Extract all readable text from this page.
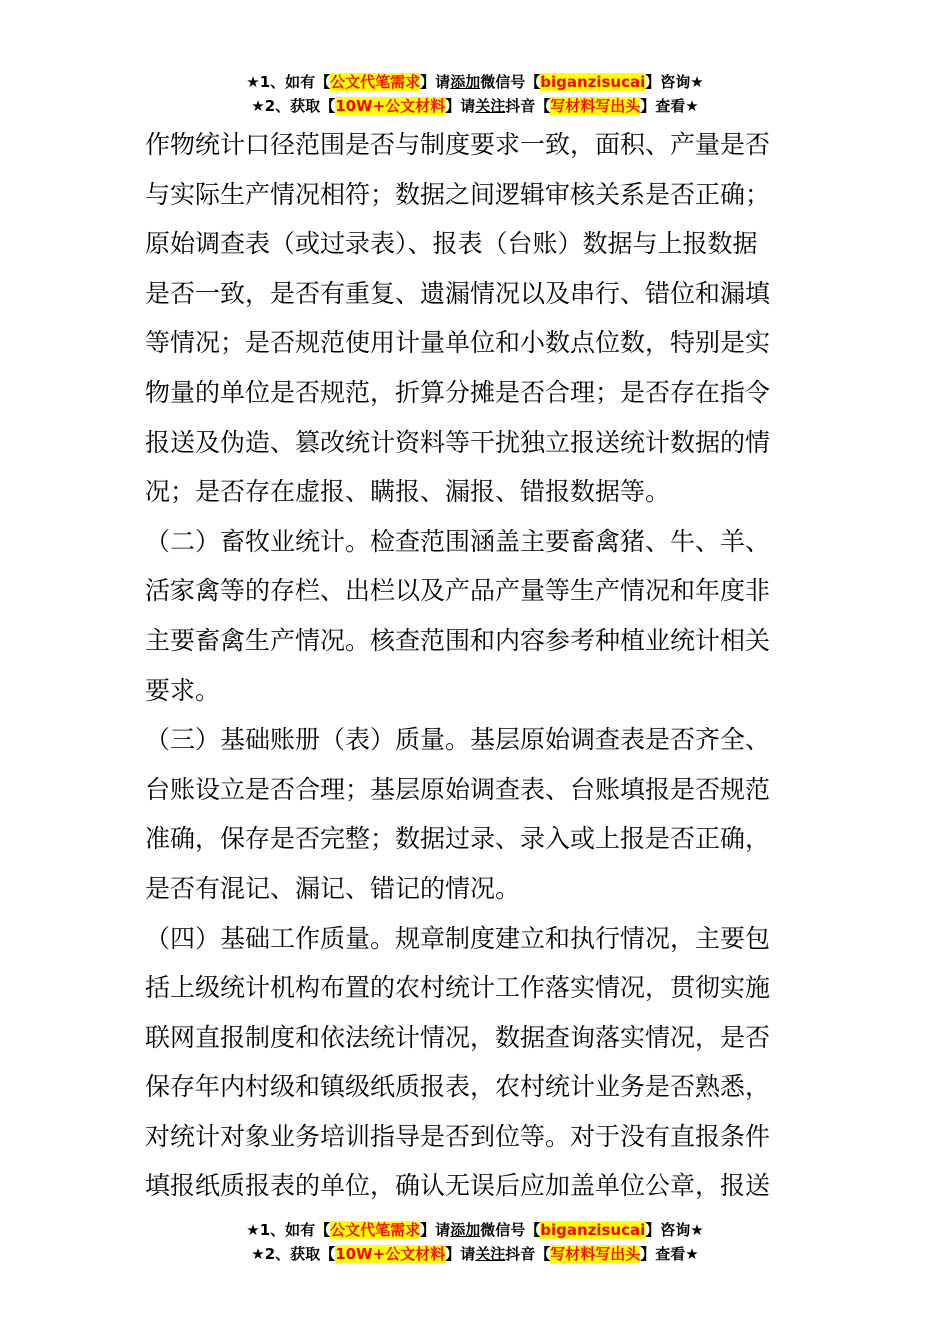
★1、如有【公文代笔需求】请添加微信号【biganzisucai】咨询★
★2、获取【10W+公文材料】请关注抖音【写材料写出头】查看★
作物统计口径范围是否与制度要求一致，面积、产量是否
与实际生产情况相符；数据之间逻辑审核关系是否正确；
原始调查表（或过录表）、报表（台账）数据与上报数据
是否一致，是否有重复、遗漏情况以及串行、错位和漏填
等情况；是否规范使用计量单位和小数点位数，特别是实
物量的单位是否规范，折算分摊是否合理；是否存在指令
报送及伪造、篡改统计资料等干扰独立报送统计数据的情
况；是否存在虚报、瞒报、漏报、错报数据等。
（二）畜牧业统计。检查范围涵盖主要畜禽猪、牛、羊、
活家禽等的存栏、出栏以及产品产量等生产情况和年度非
主要畜禽生产情况。核查范围和内容参考种植业统计相关
要求。
（三）基础账册（表）质量。基层原始调查表是否齐全、
台账设立是否合理；基层原始调查表、台账填报是否规范
准确，保存是否完整；数据过录、录入或上报是否正确，
是否有混记、漏记、错记的情况。
（四）基础工作质量。规章制度建立和执行情况，主要包
括上级统计机构布置的农村统计工作落实情况，贯彻实施
联网直报制度和依法统计情况，数据查询落实情况，是否
保存年内村级和镇级纸质报表，农村统计业务是否熟悉，
对统计对象业务培训指导是否到位等。对于没有直报条件
填报纸质报表的单位，确认无误后应加盖单位公章，报送
★1、如有【公文代笔需求】请添加微信号【biganzisucai】咨询★
★2、获取【10W+公文材料】请关注抖音【写材料写出头】查看★
